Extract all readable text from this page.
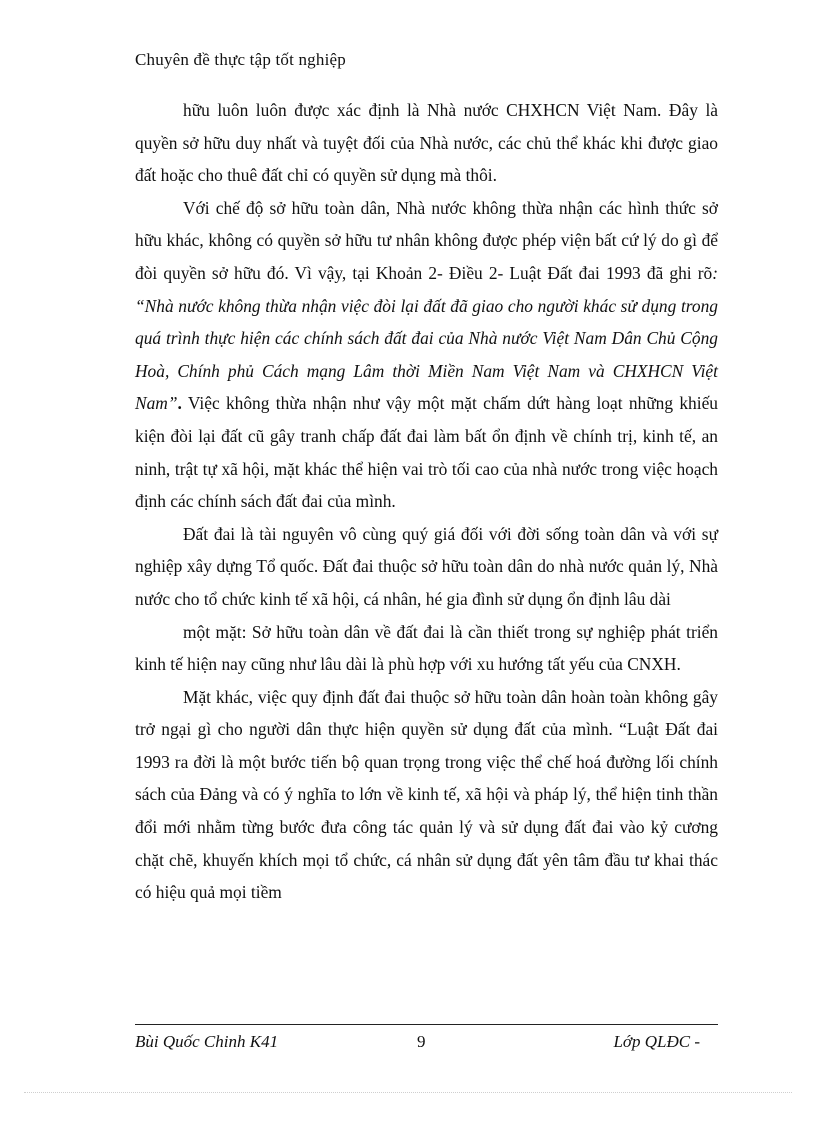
Chuyên đề thực tập tốt nghiệp

hữu luôn luôn được xác định là Nhà nước CHXHCN Việt Nam. Đây là quyền sở hữu duy nhất và tuyệt đối của Nhà nước, các chủ thể khác khi được giao đất hoặc cho thuê đất chỉ có quyền sử dụng mà thôi.

Với chế độ sở hữu toàn dân, Nhà nước không thừa nhận các hình thức sở hữu khác, không có quyền sở hữu tư nhân không được phép viện bất cứ lý do gì để đòi quyền sở hữu đó. Vì vậy, tại Khoản 2- Điều 2- Luật Đất đai 1993 đã ghi rõ: “Nhà nước không thừa nhận việc đòi lại đất đã giao cho người khác sử dụng trong quá trình thực hiện các chính sách đất đai của Nhà nước Việt Nam Dân Chủ Cộng Hoà, Chính phủ Cách mạng Lâm thời Miền Nam Việt Nam và CHXHCN Việt Nam”. Việc không thừa nhận như vậy một mặt chấm dứt hàng loạt những khiếu kiện đòi lại đất cũ gây tranh chấp đất đai làm bất ổn định về chính trị, kinh tế, an ninh, trật tự xã hội, mặt khác thể hiện vai trò tối cao của nhà nước trong việc hoạch định các chính sách đất đai của mình.

Đất đai là tài nguyên vô cùng quý giá đối với đời sống toàn dân và với sự nghiệp xây dựng Tổ quốc. Đất đai thuộc sở hữu toàn dân do nhà nước quản lý, Nhà nước cho tổ chức kinh tế xã hội, cá nhân, hé gia đình sử dụng ổn định lâu dài

một mặt: Sở hữu toàn dân về đất đai là cần thiết trong sự nghiệp phát triển kinh tế hiện nay cũng như lâu dài là phù hợp với xu hướng tất yếu của CNXH.

Mặt khác, việc quy định đất đai thuộc sở hữu toàn dân hoàn toàn không gây trở ngại gì cho người dân thực hiện quyền sử dụng đất của mình. “Luật Đất đai 1993 ra đời là một bước tiến bộ quan trọng trong việc thể chế hoá đường lối chính sách của Đảng và có ý nghĩa to lớn về kinh tế, xã hội và pháp lý, thể hiện tinh thần đổi mới nhằm từng bước đưa công tác quản lý và sử dụng đất đai vào kỷ cương chặt chẽ, khuyến khích mọi tổ chức, cá nhân sử dụng đất yên tâm đầu tư khai thác có hiệu quả mọi tiềm

Bùi Quốc Chinh K41	9	Lớp QLĐC -
